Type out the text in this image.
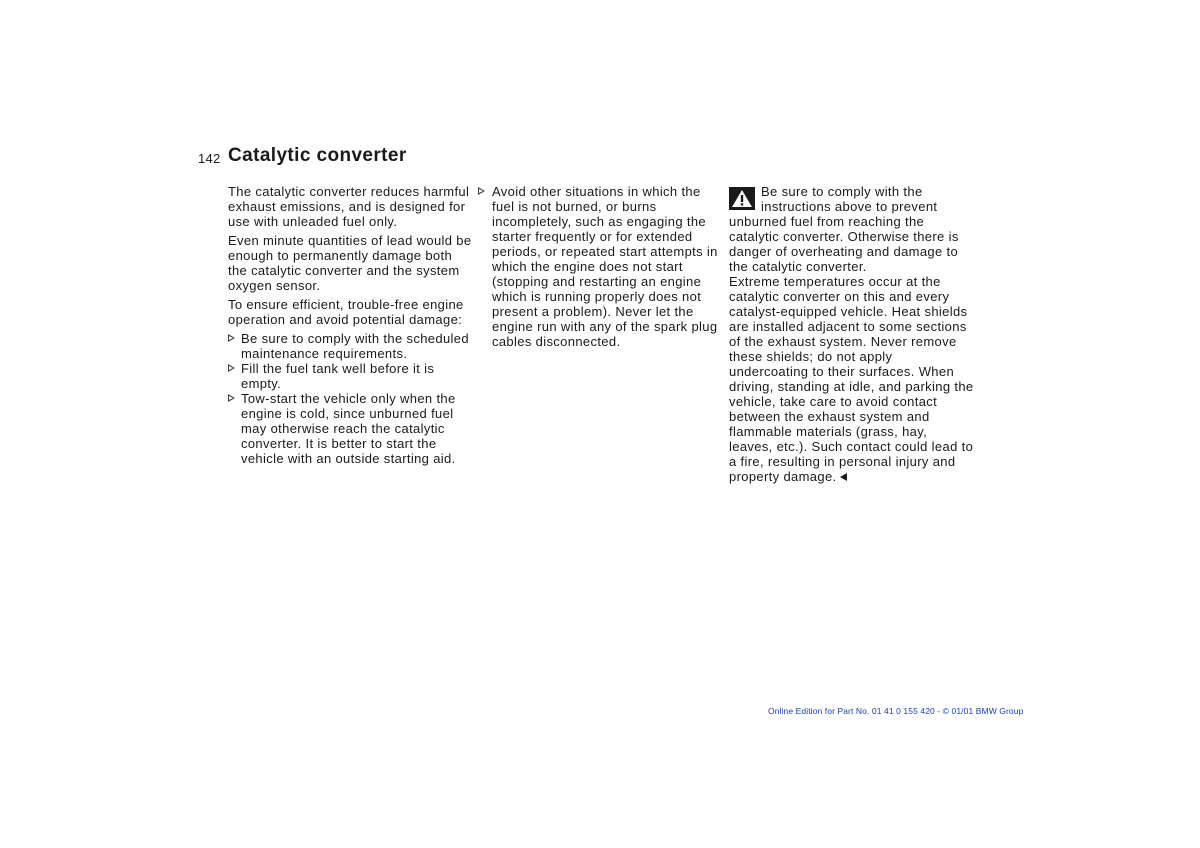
142 Catalytic converter

The catalytic converter reduces harmful exhaust emissions, and is designed for use with unleaded fuel only.

Even minute quantities of lead would be enough to permanently damage both the catalytic converter and the system oxygen sensor.

To ensure efficient, trouble-free engine operation and avoid potential damage:

Be sure to comply with the scheduled maintenance requirements.
Fill the fuel tank well before it is empty.
Tow-start the vehicle only when the engine is cold, since unburned fuel may otherwise reach the catalytic converter. It is better to start the vehicle with an outside starting aid.
Avoid other situations in which the fuel is not burned, or burns incompletely, such as engaging the starter frequently or for extended periods, or repeated start attempts in which the engine does not start (stopping and restarting an engine which is running properly does not present a problem). Never let the engine run with any of the spark plug cables disconnected.
Be sure to comply with the instructions above to prevent unburned fuel from reaching the catalytic converter. Otherwise there is danger of overheating and damage to the catalytic converter.
Extreme temperatures occur at the catalytic converter on this and every catalyst-equipped vehicle. Heat shields are installed adjacent to some sections of the exhaust system. Never remove these shields; do not apply undercoating to their surfaces. When driving, standing at idle, and parking the vehicle, take care to avoid contact between the exhaust system and flammable materials (grass, hay, leaves, etc.). Such contact could lead to a fire, resulting in personal injury and property damage.
Online Edition for Part No. 01 41 0 155 420 - © 01/01 BMW Group
